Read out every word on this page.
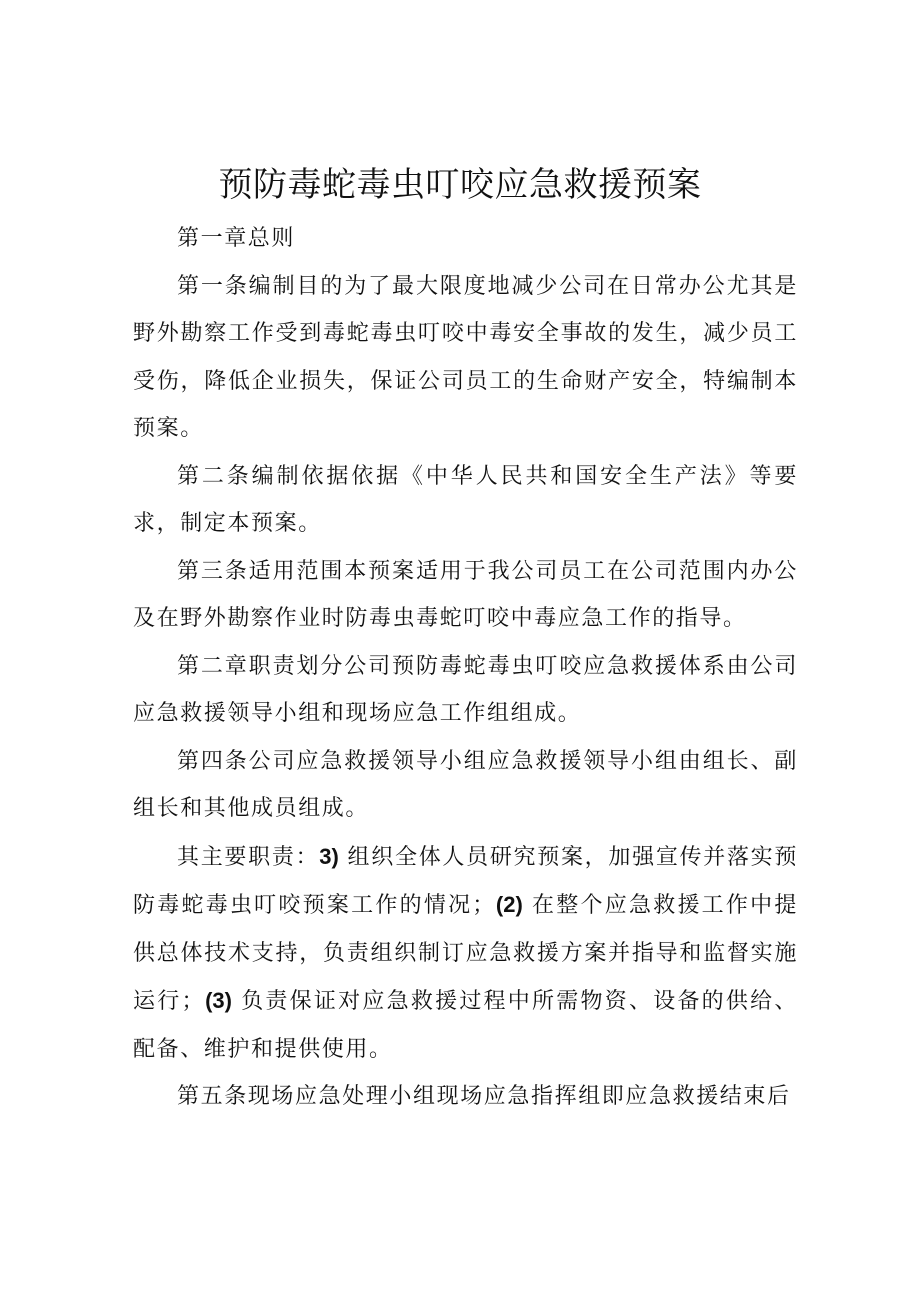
预防毒蛇毒虫叮咬应急救援预案

第一章总则

第一条编制目的为了最大限度地减少公司在日常办公尤其是野外勘察工作受到毒蛇毒虫叮咬中毒安全事故的发生，减少员工受伤，降低企业损失，保证公司员工的生命财产安全，特编制本预案。

第二条编制依据依据《中华人民共和国安全生产法》等要求，制定本预案。

第三条适用范围本预案适用于我公司员工在公司范围内办公及在野外勘察作业时防毒虫毒蛇叮咬中毒应急工作的指导。

第二章职责划分公司预防毒蛇毒虫叮咬应急救援体系由公司应急救援领导小组和现场应急工作组组成。

第四条公司应急救援领导小组应急救援领导小组由组长、副组长和其他成员组成。

其主要职责：3) 组织全体人员研究预案，加强宣传并落实预防毒蛇毒虫叮咬预案工作的情况；(2) 在整个应急救援工作中提供总体技术支持，负责组织制订应急救援方案并指导和监督实施运行；(3) 负责保证对应急救援过程中所需物资、设备的供给、配备、维护和提供使用。

第五条现场应急处理小组现场应急指挥组即应急救援结束后
